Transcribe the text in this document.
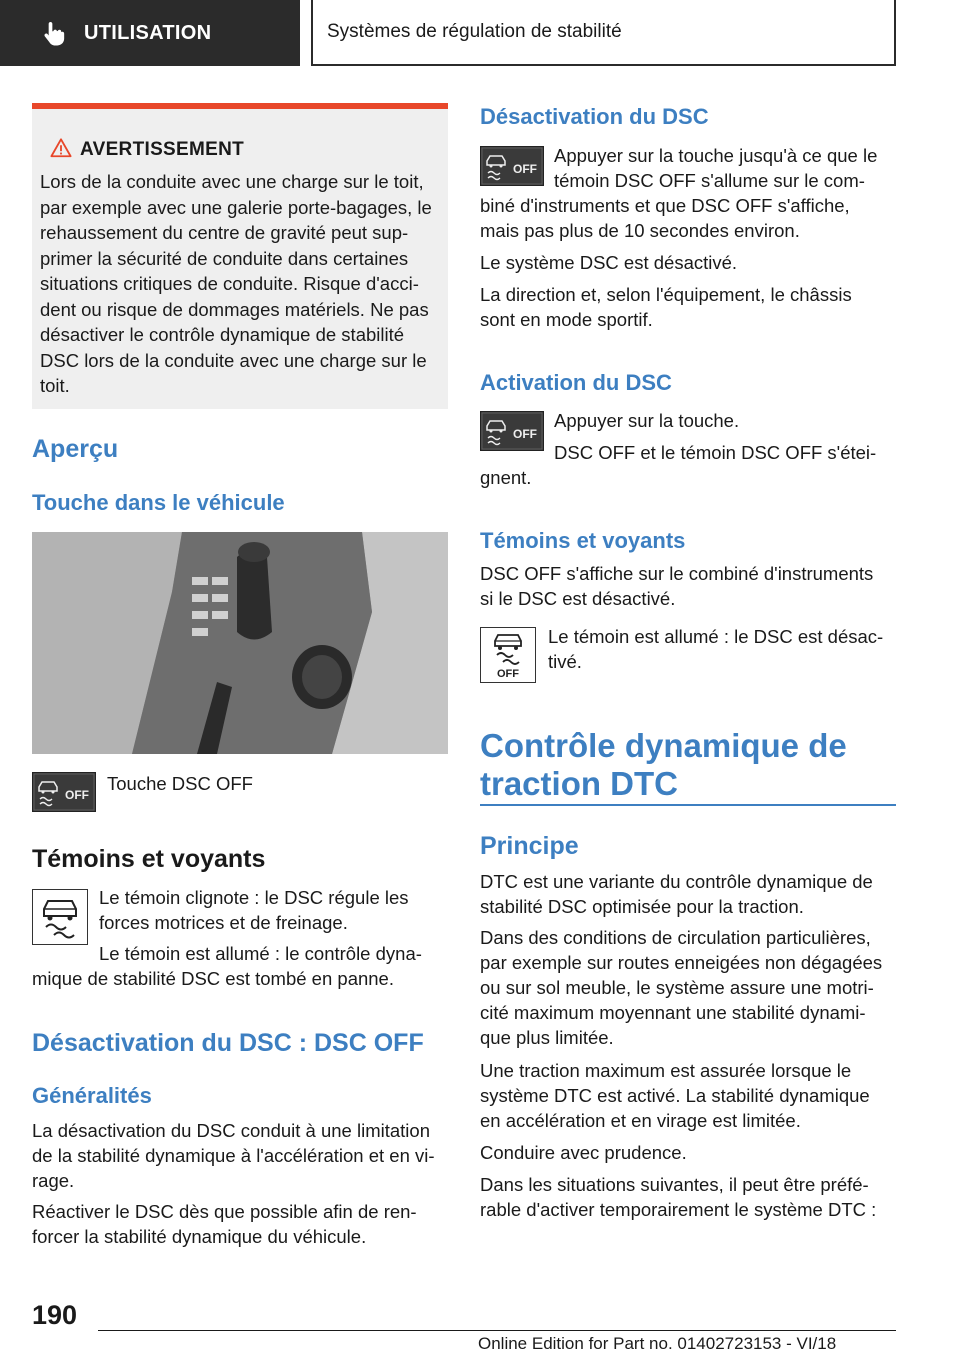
UTILISATION	Systèmes de régulation de stabilité
AVERTISSEMENT
Lors de la conduite avec une charge sur le toit,
par exemple avec une galerie porte-bagages, le
rehaussement du centre de gravité peut sup-
primer la sécurité de conduite dans certaines
situations critiques de conduite. Risque d'acci-
dent ou risque de dommages matériels. Ne pas
désactiver le contrôle dynamique de stabilité
DSC lors de la conduite avec une charge sur le
toit.
Aperçu
Touche dans le véhicule
OFF
Touche DSC OFF
Témoins et voyants
Le témoin clignote : le DSC régule les
forces motrices et de freinage.
Le témoin est allumé : le contrôle dyna-
mique de stabilité DSC est tombé en panne.
Désactivation du DSC : DSC OFF
Généralités
La désactivation du DSC conduit à une limitation
de la stabilité dynamique à l'accélération et en vi-
rage.
Réactiver le DSC dès que possible afin de ren-
forcer la stabilité dynamique du véhicule.
Désactivation du DSC
OFF
Appuyer sur la touche jusqu'à ce que le
témoin DSC OFF s'allume sur le com-
biné d'instruments et que DSC OFF s'affiche,
mais pas plus de 10 secondes environ.
Le système DSC est désactivé.
La direction et, selon l'équipement, le châssis
sont en mode sportif.
Activation du DSC
OFF
Appuyer sur la touche.
DSC OFF et le témoin DSC OFF s'étei-
gnent.
Témoins et voyants
DSC OFF s'affiche sur le combiné d'instruments
si le DSC est désactivé.
OFF
Le témoin est allumé : le DSC est désac-
tivé.
Contrôle dynamique de
traction DTC
Principe
DTC est une variante du contrôle dynamique de
stabilité DSC optimisée pour la traction.
Dans des conditions de circulation particulières,
par exemple sur routes enneigées non dégagées
ou sur sol meuble, le système assure une motri-
cité maximum moyennant une stabilité dynami-
que plus limitée.
Une traction maximum est assurée lorsque le
système DTC est activé. La stabilité dynamique
en accélération et en virage est limitée.
Conduire avec prudence.
Dans les situations suivantes, il peut être préfé-
rable d'activer temporairement le système DTC :
190
Online Edition for Part no. 01402723153 - VI/18
